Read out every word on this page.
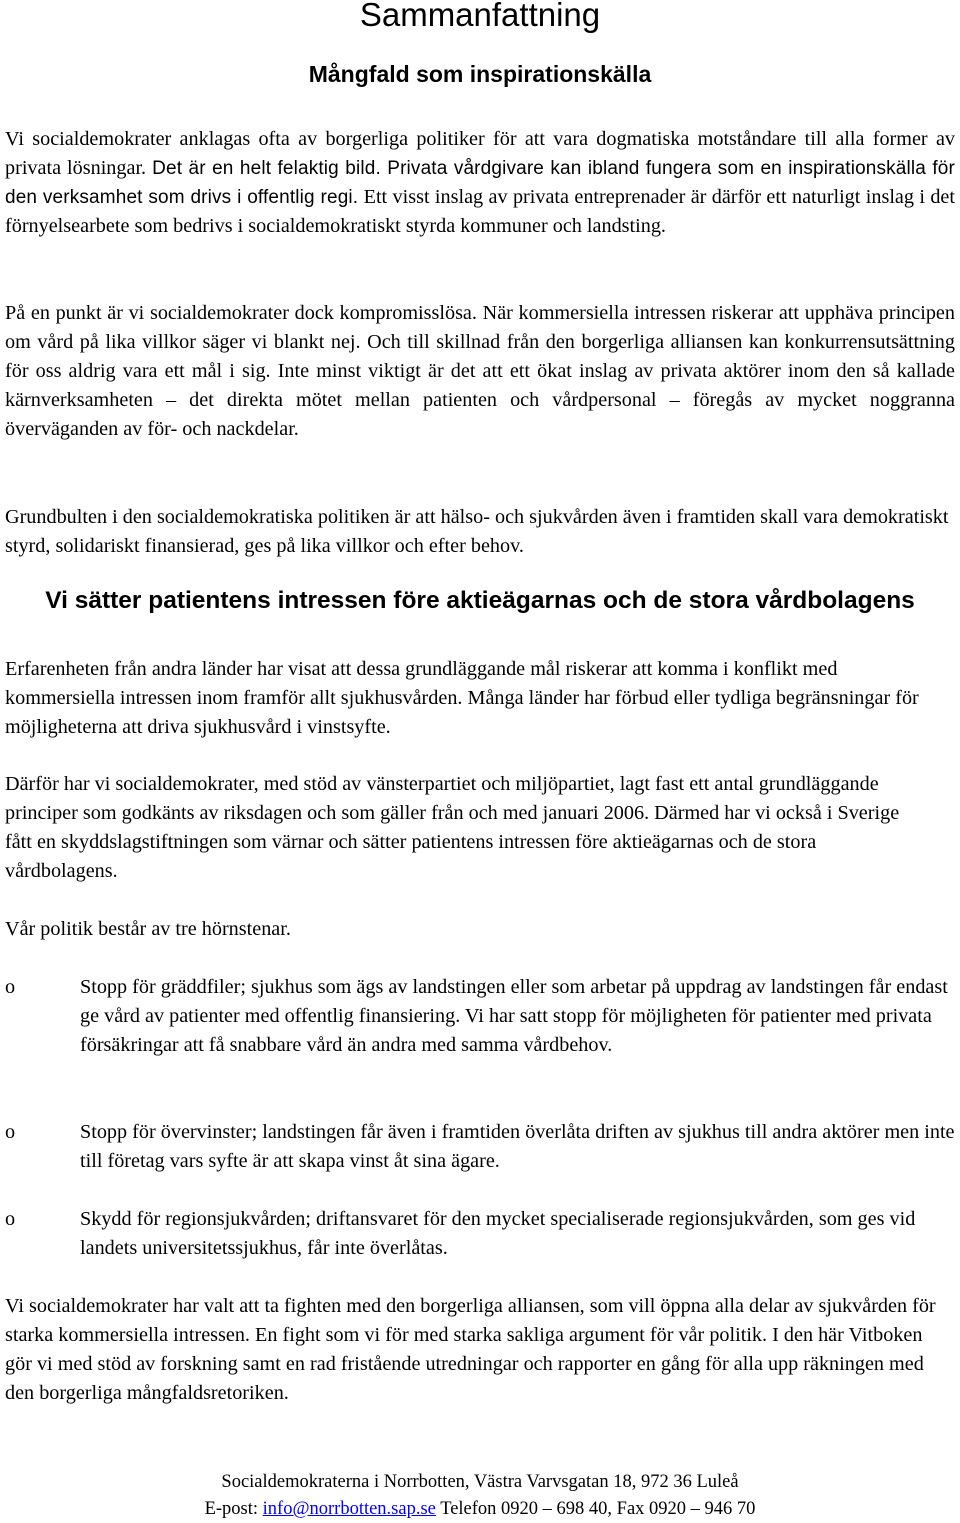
Sammanfattning
Mångfald som inspirationskälla

Vi socialdemokrater anklagas ofta av borgerliga politiker för att vara dogmatiska motståndare till alla former av privata lösningar. Det är en helt felaktig bild. Privata vårdgivare kan ibland fungera som en inspirationskälla för den verksamhet som drivs i offentlig regi. Ett visst inslag av privata entreprenader är därför ett naturligt inslag i det förnyelsearbete som bedrivs i socialdemokratiskt styrda kommuner och landsting.

På en punkt är vi socialdemokrater dock kompromisslösa. När kommersiella intressen riskerar att upphäva principen om vård på lika villkor säger vi blankt nej. Och till skillnad från den borgerliga alliansen kan konkurrensutsättning för oss aldrig vara ett mål i sig. Inte minst viktigt är det att ett ökat inslag av privata aktörer inom den så kallade kärnverksamheten – det direkta mötet mellan patienten och vårdpersonal – föregås av mycket noggranna överväganden av för- och nackdelar.

Grundbulten i den socialdemokratiska politiken är att hälso- och sjukvården även i framtiden skall vara demokratiskt styrd, solidariskt finansierad, ges på lika villkor och efter behov.

Vi sätter patientens intressen före aktieägarnas och de stora vårdbolagens

Erfarenheten från andra länder har visat att dessa grundläggande mål riskerar att komma i konflikt med kommersiella intressen inom framför allt sjukhusvården. Många länder har förbud eller tydliga begränsningar för möjligheterna att driva sjukhusvård i vinstsyfte.

Därför har vi socialdemokrater, med stöd av vänsterpartiet och miljöpartiet, lagt fast ett antal grundläggande principer som godkänts av riksdagen och som gäller från och med januari 2006. Därmed har vi också i Sverige fått en skyddslagstiftningen som värnar och sätter patientens intressen före aktieägarnas och de stora vårdbolagens.

Vår politik består av tre hörnstenar.

o	Stopp för gräddfiler; sjukhus som ägs av landstingen eller som arbetar på uppdrag av landstingen får endast ge vård av patienter med offentlig finansiering. Vi har satt stopp för möjligheten för patienter med privata försäkringar att få snabbare vård än andra med samma vårdbehov.

o	Stopp för övervinster; landstingen får även i framtiden överlåta driften av sjukhus till andra aktörer men inte till företag vars syfte är att skapa vinst åt sina ägare.

o	Skydd för regionsjukvården; driftansvaret för den mycket specialiserade regionsjukvården, som ges vid landets universitetssjukhus, får inte överlåtas.

Vi socialdemokrater har valt att ta fighten med den borgerliga alliansen, som vill öppna alla delar av sjukvården för starka kommersiella intressen. En fight som vi för med starka sakliga argument för vår politik. I den här Vitboken gör vi med stöd av forskning samt en rad fristående utredningar och rapporter en gång för alla upp räkningen med den borgerliga mångfaldsretoriken.

Socialdemokraterna i Norrbotten, Västra Varvsgatan 18, 972 36 Luleå
E-post: info@norrbotten.sap.se Telefon 0920 – 698 40, Fax 0920 – 946 70
